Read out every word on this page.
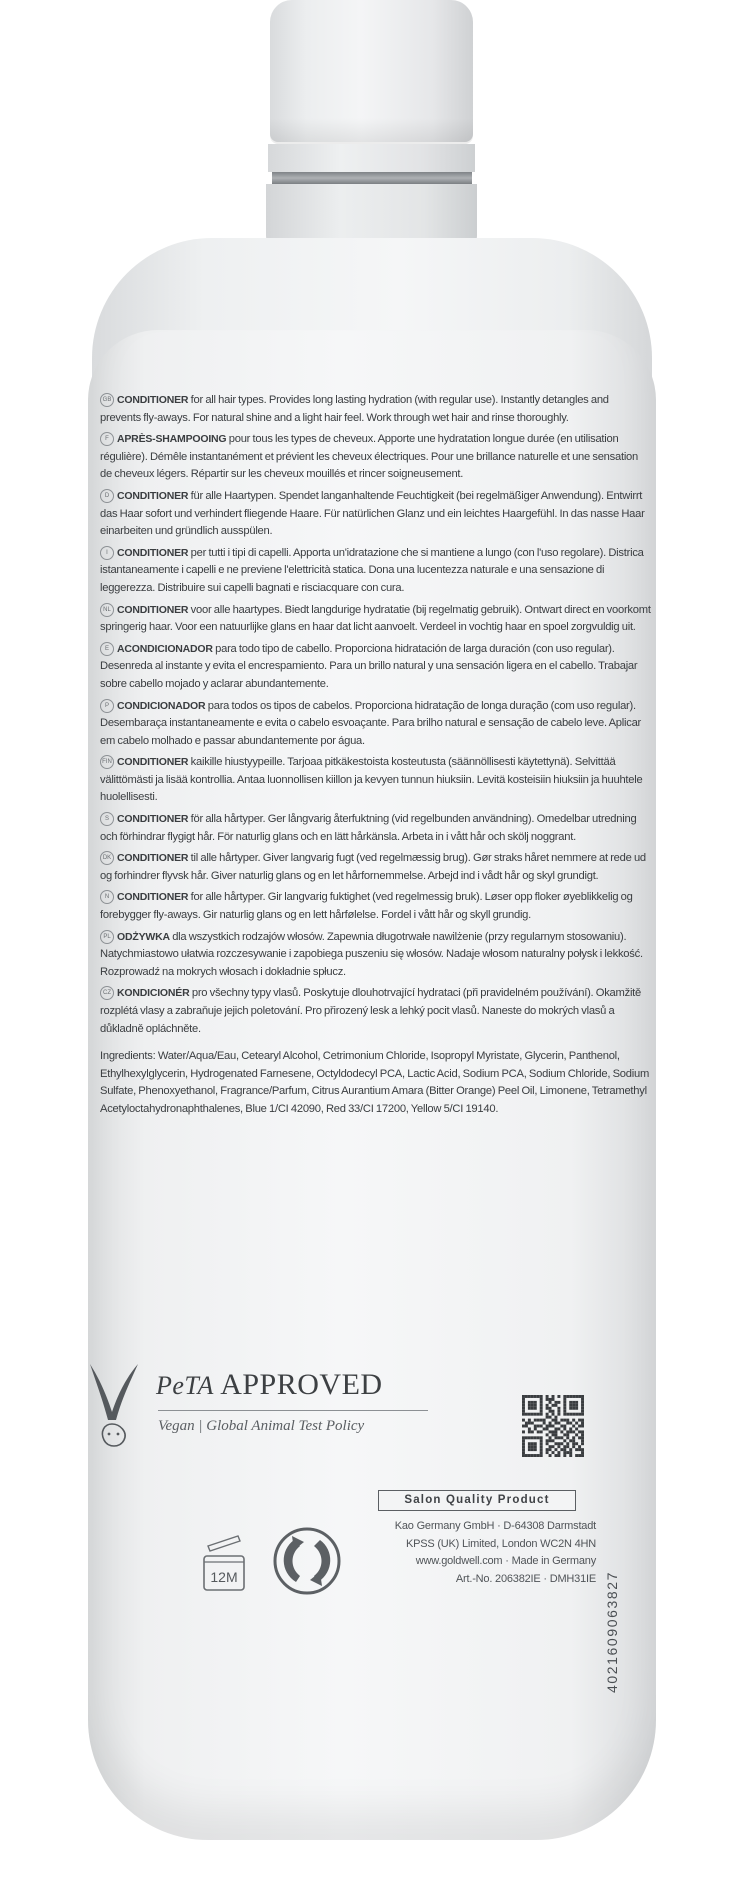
GB CONDITIONER for all hair types. Provides long lasting hydration (with regular use). Instantly detangles and prevents fly-aways. For natural shine and a light hair feel. Work through wet hair and rinse thoroughly.

F APRÈS-SHAMPOOING pour tous les types de cheveux. Apporte une hydratation longue durée (en utilisation régulière). Démêle instantanément et prévient les cheveux électriques. Pour une brillance naturelle et une sensation de cheveux légers. Répartir sur les cheveux mouillés et rincer soigneusement.

D CONDITIONER für alle Haartypen. Spendet langanhaltende Feuchtigkeit (bei regelmäßiger Anwendung). Entwirrt das Haar sofort und verhindert fliegende Haare. Für natürlichen Glanz und ein leichtes Haargefühl. In das nasse Haar einarbeiten und gründlich ausspülen.

I CONDITIONER per tutti i tipi di capelli. Apporta un'idratazione che si mantiene a lungo (con l'uso regolare). Districa istantaneamente i capelli e ne previene l'elettricità statica. Dona una lucentezza naturale e una sensazione di leggerezza. Distribuire sui capelli bagnati e risciacquare con cura.

NL CONDITIONER voor alle haartypes. Biedt langdurige hydratatie (bij regelmatig gebruik). Ontwart direct en voorkomt springerig haar. Voor een natuurlijke glans en haar dat licht aanvoelt. Verdeel in vochtig haar en spoel zorgvuldig uit.

E ACONDICIONADOR para todo tipo de cabello. Proporciona hidratación de larga duración (con uso regular). Desenreda al instante y evita el encrespamiento. Para un brillo natural y una sensación ligera en el cabello. Trabajar sobre cabello mojado y aclarar abundantemente.

P CONDICIONADOR para todos os tipos de cabelos. Proporciona hidratação de longa duração (com uso regular). Desembaraça instantaneamente e evita o cabelo esvoaçante. Para brilho natural e sensação de cabelo leve. Aplicar em cabelo molhado e passar abundantemente por água.

FIN CONDITIONER kaikille hiustyypeille. Tarjoaa pitkäkestoista kosteutusta (säännöllisesti käytettynä). Selvittää välittömästi ja lisää kontrollia. Antaa luonnollisen kiillon ja kevyen tunnun hiuksiin. Levitä kosteisiin hiuksiin ja huuhtele huolellisesti.

S CONDITIONER för alla hårtyper. Ger långvarig återfuktning (vid regelbunden användning). Omedelbar utredning och förhindrar flygigt hår. För naturlig glans och en lätt hårkänsla. Arbeta in i vått hår och skölj noggrant.

DK CONDITIONER til alle hårtyper. Giver langvarig fugt (ved regelmæssig brug). Gør straks håret nemmere at rede ud og forhindrer flyvsk hår. Giver naturlig glans og en let hårfornemmelse. Arbejd ind i vådt hår og skyl grundigt.

N CONDITIONER for alle hårtyper. Gir langvarig fuktighet (ved regelmessig bruk). Løser opp floker øyeblikkelig og forebygger fly-aways. Gir naturlig glans og en lett hårfølelse. Fordel i vått hår og skyll grundig.

PL ODŻYWKA dla wszystkich rodzajów włosów. Zapewnia długotrwałe nawilżenie (przy regularnym stosowaniu). Natychmiastowo ułatwia rozczesywanie i zapobiega puszeniu się włosów. Nadaje włosom naturalny połysk i lekkość. Rozprowadź na mokrych włosach i dokładnie spłucz.

CZ KONDICIONÉR pro všechny typy vlasů. Poskytuje dlouhotrvající hydrataci (při pravidelném používání). Okamžitě rozplétá vlasy a zabraňuje jejich poletování. Pro přirozený lesk a lehký pocit vlasů. Naneste do mokrých vlasů a důkladně opláchněte.

Ingredients: Water/Aqua/Eau, Cetearyl Alcohol, Cetrimonium Chloride, Isopropyl Myristate, Glycerin, Panthenol, Ethylhexylglycerin, Hydrogenated Farnesene, Octyldodecyl PCA, Lactic Acid, Sodium PCA, Sodium Chloride, Sodium Sulfate, Phenoxyethanol, Fragrance/Parfum, Citrus Aurantium Amara (Bitter Orange) Peel Oil, Limonene, Tetramethyl Acetyloctahydronaphthalenes, Blue 1/CI 42090, Red 33/CI 17200, Yellow 5/CI 19140.

PeTA APPROVED
Vegan | Global Animal Test Policy
4021609063827
Salon Quality Product
Kao Germany GmbH · D-64308 Darmstadt
KPSS (UK) Limited, London WC2N 4HN
www.goldwell.com · Made in Germany
Art.-No. 206382IE · DMH31IE
12M
